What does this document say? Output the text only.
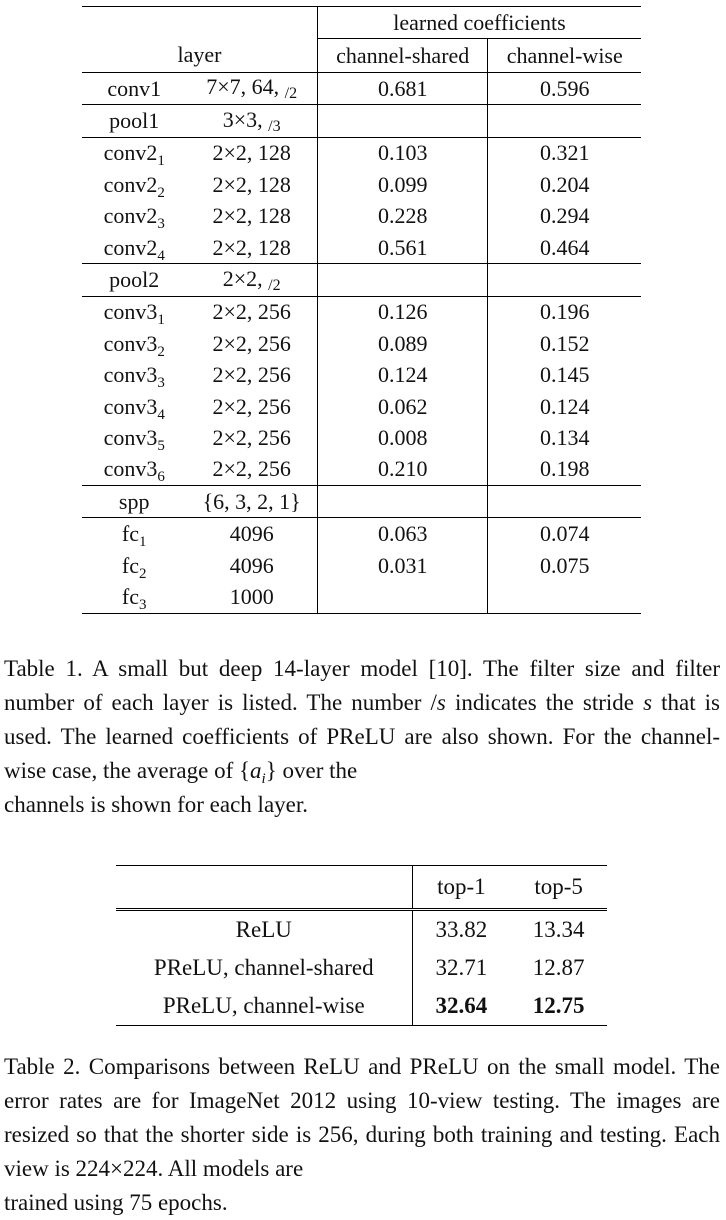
		learned coefficients	
layer		channel-shared	channel-wise
conv1	7×7, 64, /2	0.681	0.596
pool1	3×3, /3		
$conv2_1$	2×2, 128	0.103	0.321
$conv2_2$	2×2, 128	0.099	0.204
$conv2_3$	2×2, 128	0.228	0.294
$conv2_4$	2×2, 128	0.561	0.464
pool2	2×2, /2		
$conv3_1$	2×2, 256	0.126	0.196
$conv3_2$	2×2, 256	0.089	0.152
$conv3_3$	2×2, 256	0.124	0.145
$conv3_4$	2×2, 256	0.062	0.124
$conv3_5$	2×2, 256	0.008	0.134
$conv3_6$	2×2, 256	0.210	0.198
spp	{6, 3, 2, 1}		
$fc_1$	4096	0.063	0.074
$fc_2$	4096	0.031	0.075
$fc_3$	1000		

Table 1. A small but deep 14-layer model [10]. The filter size and filter number of each layer is listed. The number /s indicates the stride s that is used. The learned coefficients of PReLU are also shown. For the channel-wise case, the average of $\{a_i\}$ over the
channels is shown for each layer.

	top-1	top-5
ReLU	33.82	13.34
PReLU, channel-shared	32.71	12.87
PReLU, channel-wise	32.64	12.75

Table 2. Comparisons between ReLU and PReLU on the small model. The error rates are for ImageNet 2012 using 10-view testing. The images are resized so that the shorter side is 256, during both training and testing. Each view is 224×224. All models are
trained using 75 epochs.
